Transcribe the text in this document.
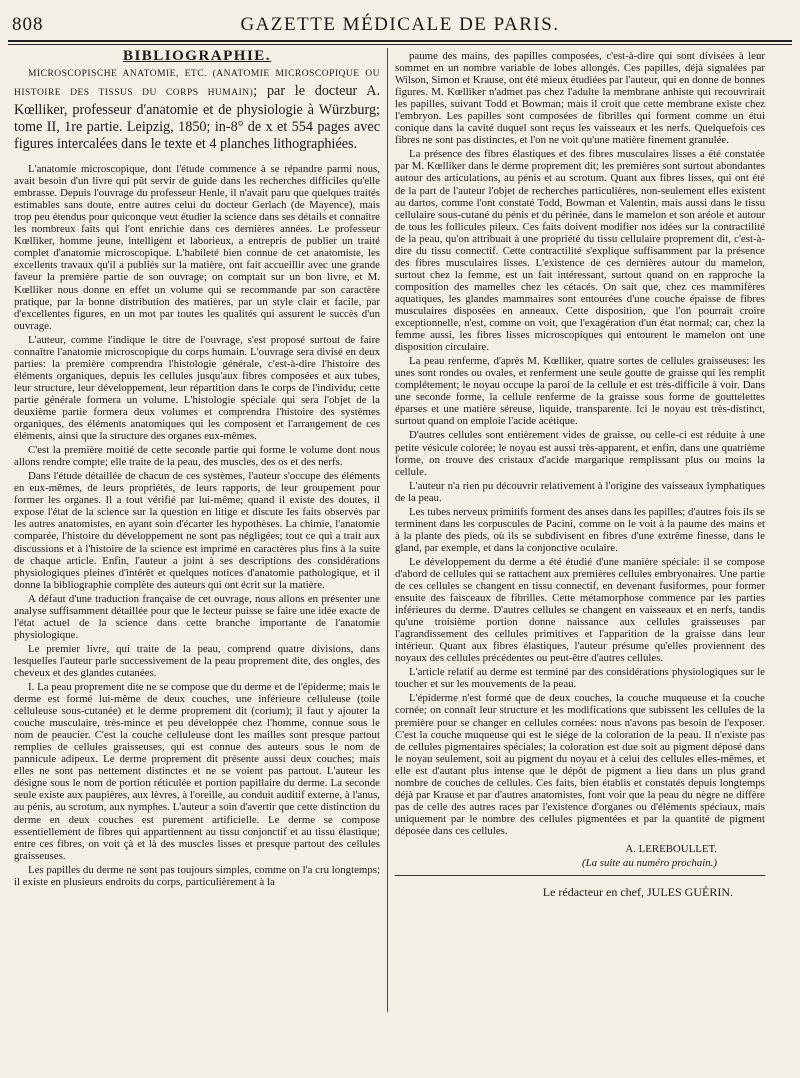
808	GAZETTE MÉDICALE DE PARIS.

BIBLIOGRAPHIE.

MICROSCOPISCHE ANATOMIE, ETC. (ANATOMIE MICROSCOPIQUE OU HISTOIRE DES TISSUS DU CORPS HUMAIN); par le docteur A. Kœlliker, professeur d'anatomie et de physiologie à Würzburg; tome II, 1re partie. Leipzig, 1850; in-8° de x et 554 pages avec figures intercalées dans le texte et 4 planches lithographiées.

L'anatomie microscopique, dont l'étude commence à se répandre parmi nous, avait besoin d'un livre qui pût servir de guide dans les recherches difficiles qu'elle embrasse. Depuis l'ouvrage du professeur Henle, il n'avait paru que quelques traités estimables sans doute, entre autres celui du docteur Gerlach (de Mayence), mais trop peu étendus pour quiconque veut étudier la science dans ses détails et connaître les nombreux faits qui l'ont enrichie dans ces dernières années. Le professeur Kœlliker, homme jeune, intelligent et laborieux, a entrepris de publier un traité complet d'anatomie microscopique. L'habileté bien connue de cet anatomiste, les excellents travaux qu'il a publiés sur la matière, ont fait accueillir avec une grande faveur la première partie de son ouvrage; on comptait sur un bon livre, et M. Kœlliker nous donne en effet un volume qui se recommande par son caractère pratique, par la bonne distribution des matières, par un style clair et facile, par d'excellentes figures, en un mot par toutes les qualités qui assurent le succès d'un ouvrage.

L'auteur, comme l'indique le titre de l'ouvrage, s'est proposé surtout de faire connaître l'anatomie microscopique du corps humain. L'ouvrage sera divisé en deux parties: la première comprendra l'histologie générale, c'est-à-dire l'histoire des éléments organiques, depuis les cellules jusqu'aux fibres composées et aux tubes, leur structure, leur développement, leur répartition dans le corps de l'individu; cette partie générale formera un volume. L'histologie spéciale qui sera l'objet de la deuxième partie formera deux volumes et comprendra l'histoire des systèmes organiques, des éléments anatomiques qui les composent et l'arrangement de ces éléments, ainsi que la structure des organes eux-mêmes.

C'est la première moitié de cette seconde partie qui forme le volume dont nous allons rendre compte; elle traite de la peau, des muscles, des os et des nerfs.

Dans l'étude détaillée de chacun de ces systèmes, l'auteur s'occupe des éléments en eux-mêmes, de leurs propriétés, de leurs rapports, de leur groupement pour former les organes. Il a tout vérifié par lui-même; quand il existe des doutes, il expose l'état de la science sur la question en litige et discute les faits observés par les autres anatomistes, en ayant soin d'écarter les hypothèses. La chimie, l'anatomie comparée, l'histoire du développement ne sont pas négligées; tout ce qui a trait aux discussions et à l'histoire de la science est imprimé en caractères plus fins à la suite de chaque article. Enfin, l'auteur a joint à ses descriptions des considérations physiologiques pleines d'intérêt et quelques notices d'anatomie pathologique, et il donne la bibliographie complète des auteurs qui ont écrit sur la matière.

A défaut d'une traduction française de cet ouvrage, nous allons en présenter une analyse suffisamment détaillée pour que le lecteur puisse se faire une idée exacte de l'état actuel de la science dans cette branche importante de l'anatomie physiologique.

Le premier livre, qui traite de la peau, comprend quatre divisions, dans lesquelles l'auteur parle successivement de la peau proprement dite, des ongles, des cheveux et des glandes cutanées.

I. La peau proprement dite ne se compose que du derme et de l'épiderme; mais le derme est formé lui-même de deux couches, une inférieure celluleuse (toile celluleuse sous-cutanée) et le derme proprement dit (corium); il faut y ajouter la couche musculaire, très-mince et peu développée chez l'homme, connue sous le nom de peaucier. C'est la couche celluleuse dont les mailles sont presque partout remplies de cellules graisseuses, qui est connue des auteurs sous le nom de pannicule adipeux. Le derme proprement dit présente aussi deux couches; mais elles ne sont pas nettement distinctes et ne se voient pas partout. L'auteur les désigne sous le nom de portion réticulée et portion papillaire du derme. La seconde seule existe aux paupières, aux lèvres, à l'oreille, au conduit auditif externe, à l'anus, au pénis, au scrotum, aux nymphes. L'auteur a soin d'avertir que cette distinction du derme en deux couches est purement artificielle. Le derme se compose essentiellement de fibres qui appartiennent au tissu conjonctif et au tissu élastique; entre ces fibres, on voit çà et là des muscles lisses et presque partout des cellules graisseuses.

Les papilles du derme ne sont pas toujours simples, comme on l'a cru longtemps; il existe en plusieurs endroits du corps, particulièrement à la

paume des mains, des papilles composées, c'est-à-dire qui sont divisées à leur sommet en un nombre variable de lobes allongés. Ces papilles, déjà signalées par Wilson, Simon et Krause, ont été mieux étudiées par l'auteur, qui en donne de bonnes figures. M. Kœlliker n'admet pas chez l'adulte la membrane anhiste qui recouvrirait les papilles, suivant Todd et Bowman; mais il croit que cette membrane existe chez l'embryon. Les papilles sont composées de fibrilles qui forment comme un étui conique dans la cavité duquel sont reçus les vaisseaux et les nerfs. Quelquefois ces fibres ne sont pas distinctes, et l'on ne voit qu'une matière finement granulée.

La présence des fibres élastiques et des fibres musculaires lisses a été constatée par M. Kœlliker dans le derme proprement dit; les premières sont surtout abondantes autour des articulations, au pénis et au scrotum. Quant aux fibres lisses, qui ont été de la part de l'auteur l'objet de recherches particulières, non-seulement elles existent au dartos, comme l'ont constaté Todd, Bowman et Valentin, mais aussi dans le tissu cellulaire sous-cutané du pénis et du périnée, dans le mamelon et son aréole et autour de tous les follicules pileux. Ces faits doivent modifier nos idées sur la contractilité de la peau, qu'on attribuait à une propriété du tissu cellulaire proprement dit, c'est-à-dire du tissu connectif. Cette contractilité s'explique suffisamment par la présence des fibres musculaires lisses. L'existence de ces dernières autour du mamelon, surtout chez la femme, est un fait intéressant, surtout quand on en rapproche la composition des mamelles chez les cétacés. On sait que, chez ces mammifères aquatiques, les glandes mammaires sont entourées d'une couche épaisse de fibres musculaires disposées en anneaux. Cette disposition, que l'on pourrait croire exceptionnelle, n'est, comme on voit, que l'exagération d'un état normal; car, chez la femme aussi, les fibres lisses microscopiques qui entourent le mamelon ont une disposition circulaire.

La peau renferme, d'après M. Kœlliker, quatre sortes de cellules graisseuses: les unes sont rondes ou ovales, et renferment une seule goutte de graisse qui les remplit complétement; le noyau occupe la paroi de la cellule et est très-difficile à voir. Dans une seconde forme, la cellule renferme de la graisse sous forme de gouttelettes éparses et une matière séreuse, liquide, transparente. Ici le noyau est très-distinct, surtout quand on emploie l'acide acétique.

D'autres cellules sont entièrement vides de graisse, ou celle-ci est réduite à une petite vésicule colorée; le noyau est aussi très-apparent, et enfin, dans une quatrième forme, on trouve des cristaux d'acide margarique remplissant plus ou moins la cellule.

L'auteur n'a rien pu découvrir relativement à l'origine des vaisseaux lymphatiques de la peau.

Les tubes nerveux primitifs forment des anses dans les papilles; d'autres fois ils se terminent dans les corpuscules de Pacini, comme on le voit à la paume des mains et à la plante des pieds, où ils se subdivisent en fibres d'une extrême finesse, dans le gland, par exemple, et dans la conjonctive oculaire.

Le développement du derme a été étudié d'une manière spéciale: il se compose d'abord de cellules qui se rattachent aux premières cellules embryonaires. Une partie de ces cellules se changent en tissu connectif, en devenant fusiformes, pour former ensuite des faisceaux de fibrilles. Cette métamorphose commence par les parties inférieures du derme. D'autres cellules se changent en vaisseaux et en nerfs, tandis qu'une troisième portion donne naissance aux cellules graisseuses par l'agrandissement des cellules primitives et l'apparition de la graisse dans leur intérieur. Quant aux fibres élastiques, l'auteur présume qu'elles proviennent des noyaux des cellules précédentes ou peut-être d'autres cellules.

L'article relatif au derme est terminé par des considérations physiologiques sur le toucher et sur les mouvements de la peau.

L'épiderme n'est formé que de deux couches, la couche muqueuse et la couche cornée; on connaît leur structure et les modifications que subissent les cellules de la première pour se changer en cellules cornées: nous n'avons pas besoin de l'exposer. C'est la couche muqueuse qui est le siége de la coloration de la peau. Il n'existe pas de cellules pigmentaires spéciales; la coloration est due soit au pigment déposé dans le noyau seulement, soit au pigment du noyau et à celui des cellules elles-mêmes, et elle est d'autant plus intense que le dépôt de pigment a lieu dans un plus grand nombre de couches de cellules. Ces faits, bien établis et constatés depuis longtemps déjà par Krause et par d'autres anatomistes, font voir que la peau du nègre ne diffère pas de celle des autres races par l'existence d'organes ou d'éléments spéciaux, mais uniquement par le nombre des cellules pigmentées et par la quantité de pigment déposée dans ces cellules.

A. LEREBOULLET.

(La suite au numéro prochain.)

Le rédacteur en chef, JULES GUÉRIN.
